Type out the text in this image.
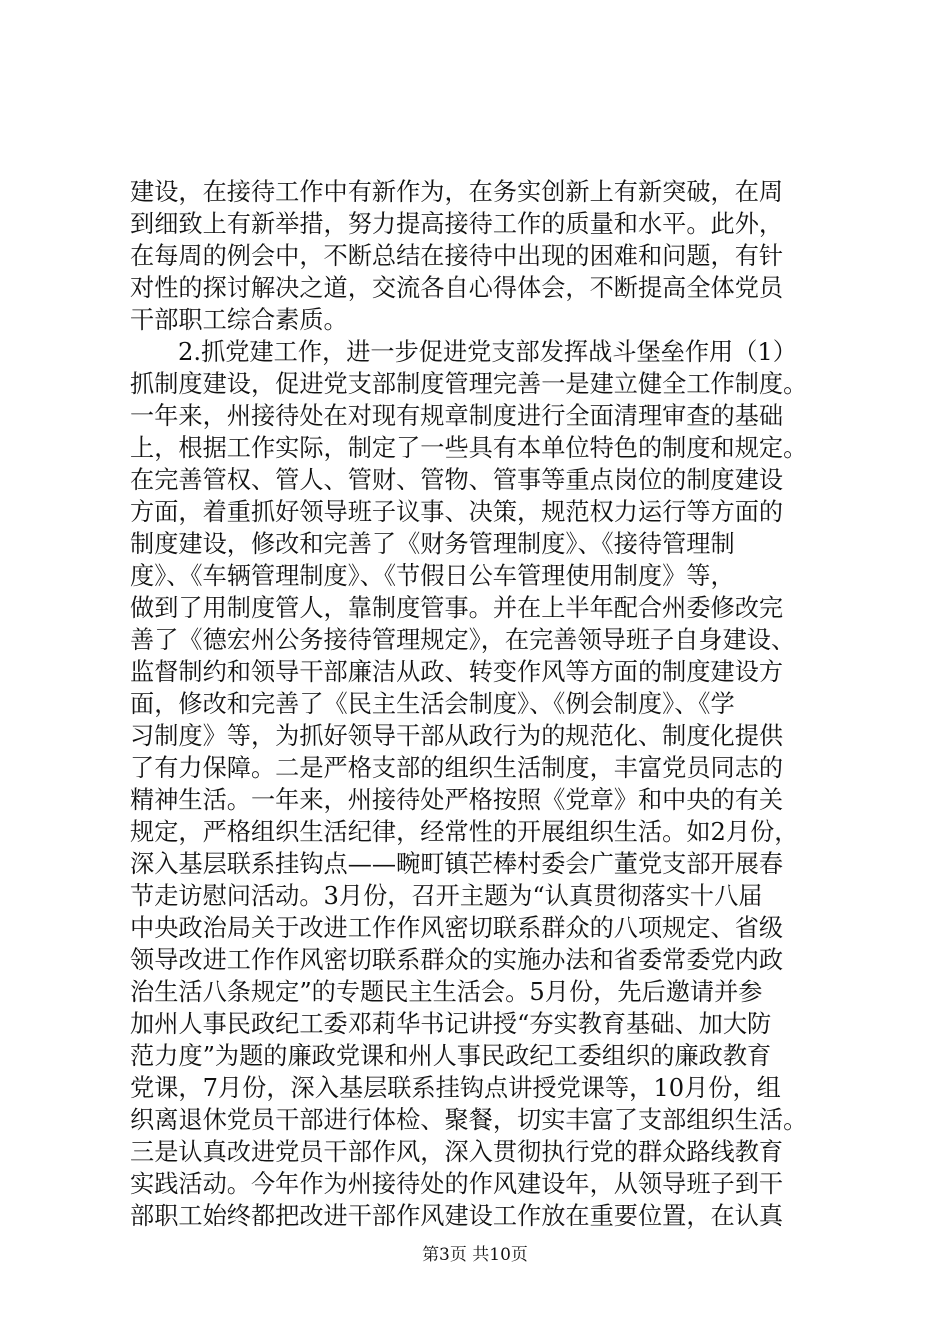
建设，在接待工作中有新作为，在务实创新上有新突破，在周
到细致上有新举措，努力提高接待工作的质量和水平。此外，
在每周的例会中，不断总结在接待中出现的困难和问题，有针
对性的探讨解决之道，交流各自心得体会，不断提高全体党员
干部职工综合素质。
2.抓党建工作，进一步促进党支部发挥战斗堡垒作用（1）
抓制度建设，促进党支部制度管理完善一是建立健全工作制度。
一年来，州接待处在对现有规章制度进行全面清理审查的基础
上，根据工作实际，制定了一些具有本单位特色的制度和规定。
在完善管权、管人、管财、管物、管事等重点岗位的制度建设
方面，着重抓好领导班子议事、决策，规范权力运行等方面的
制度建设，修改和完善了《财务管理制度》、《接待管理制
度》、《车辆管理制度》、《节假日公车管理使用制度》等，
做到了用制度管人，靠制度管事。并在上半年配合州委修改完
善了《德宏州公务接待管理规定》，在完善领导班子自身建设、
监督制约和领导干部廉洁从政、转变作风等方面的制度建设方
面，修改和完善了《民主生活会制度》、《例会制度》、《学
习制度》等，为抓好领导干部从政行为的规范化、制度化提供
了有力保障。二是严格支部的组织生活制度，丰富党员同志的
精神生活。一年来，州接待处严格按照《党章》和中央的有关
规定，严格组织生活纪律，经常性的开展组织生活。如2月份，
深入基层联系挂钩点——畹町镇芒棒村委会广董党支部开展春
节走访慰问活动。3月份，召开主题为“认真贯彻落实十八届
中央政治局关于改进工作作风密切联系群众的八项规定、省级
领导改进工作作风密切联系群众的实施办法和省委常委党内政
治生活八条规定”的专题民主生活会。5月份，先后邀请并参
加州人事民政纪工委邓莉华书记讲授“夯实教育基础、加大防
范力度”为题的廉政党课和州人事民政纪工委组织的廉政教育
党课，7月份，深入基层联系挂钩点讲授党课等，10月份，组
织离退休党员干部进行体检、聚餐，切实丰富了支部组织生活。
三是认真改进党员干部作风，深入贯彻执行党的群众路线教育
实践活动。今年作为州接待处的作风建设年，从领导班子到干
部职工始终都把改进干部作风建设工作放在重要位置，在认真
第3页 共10页
